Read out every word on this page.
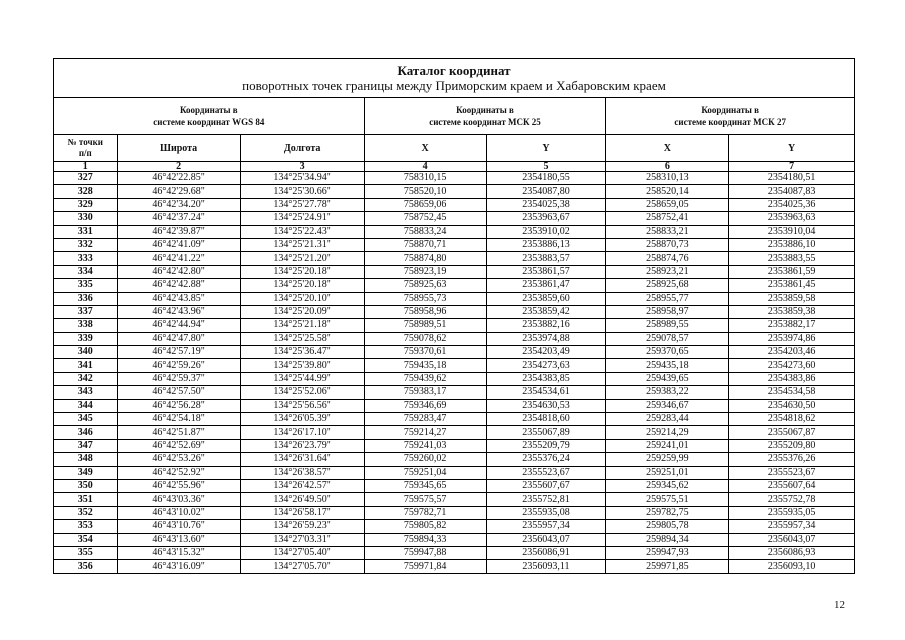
Каталог координат
поворотных точек границы между Приморским краем и Хабаровским краем
Координаты в
системе координат WGS 84			Координаты в
системе координат МСК 25		Координаты в
системе координат МСК 27	
№ точки
п/п	Широта	Долгота	X	Y	X	Y
1	2	3	4	5	6	7
327	46°42'22.85"	134°25'34.94"	758310,15	2354180,55	258310,13	2354180,51
328	46°42'29.68"	134°25'30.66"	758520,10	2354087,80	258520,14	2354087,83
329	46°42'34.20"	134°25'27.78"	758659,06	2354025,38	258659,05	2354025,36
330	46°42'37.24"	134°25'24.91"	758752,45	2353963,67	258752,41	2353963,63
331	46°42'39.87"	134°25'22.43"	758833,24	2353910,02	258833,21	2353910,04
332	46°42'41.09"	134°25'21.31"	758870,71	2353886,13	258870,73	2353886,10
333	46°42'41.22"	134°25'21.20"	758874,80	2353883,57	258874,76	2353883,55
334	46°42'42.80"	134°25'20.18"	758923,19	2353861,57	258923,21	2353861,59
335	46°42'42.88"	134°25'20.18"	758925,63	2353861,47	258925,68	2353861,45
336	46°42'43.85"	134°25'20.10"	758955,73	2353859,60	258955,77	2353859,58
337	46°42'43.96"	134°25'20.09"	758958,96	2353859,42	258958,97	2353859,38
338	46°42'44.94"	134°25'21.18"	758989,51	2353882,16	258989,55	2353882,17
339	46°42'47.80"	134°25'25.58"	759078,62	2353974,88	259078,57	2353974,86
340	46°42'57.19"	134°25'36.47"	759370,61	2354203,49	259370,65	2354203,46
341	46°42'59.26"	134°25'39.80"	759435,18	2354273,63	259435,18	2354273,60
342	46°42'59.37"	134°25'44.99"	759439,62	2354383,85	259439,65	2354383,86
343	46°42'57.50"	134°25'52.06"	759383,17	2354534,61	259383,22	2354534,58
344	46°42'56.28"	134°25'56.56"	759346,69	2354630,53	259346,67	2354630,50
345	46°42'54.18"	134°26'05.39"	759283,47	2354818,60	259283,44	2354818,62
346	46°42'51.87"	134°26'17.10"	759214,27	2355067,89	259214,29	2355067,87
347	46°42'52.69"	134°26'23.79"	759241,03	2355209,79	259241,01	2355209,80
348	46°42'53.26"	134°26'31.64"	759260,02	2355376,24	259259,99	2355376,26
349	46°42'52.92"	134°26'38.57"	759251,04	2355523,67	259251,01	2355523,67
350	46°42'55.96"	134°26'42.57"	759345,65	2355607,67	259345,62	2355607,64
351	46°43'03.36"	134°26'49.50"	759575,57	2355752,81	259575,51	2355752,78
352	46°43'10.02"	134°26'58.17"	759782,71	2355935,08	259782,75	2355935,05
353	46°43'10.76"	134°26'59.23"	759805,82	2355957,34	259805,78	2355957,34
354	46°43'13.60"	134°27'03.31"	759894,33	2356043,07	259894,34	2356043,07
355	46°43'15.32"	134°27'05.40"	759947,88	2356086,91	259947,93	2356086,93
356	46°43'16.09"	134°27'05.70"	759971,84	2356093,11	259971,85	2356093,10
12
